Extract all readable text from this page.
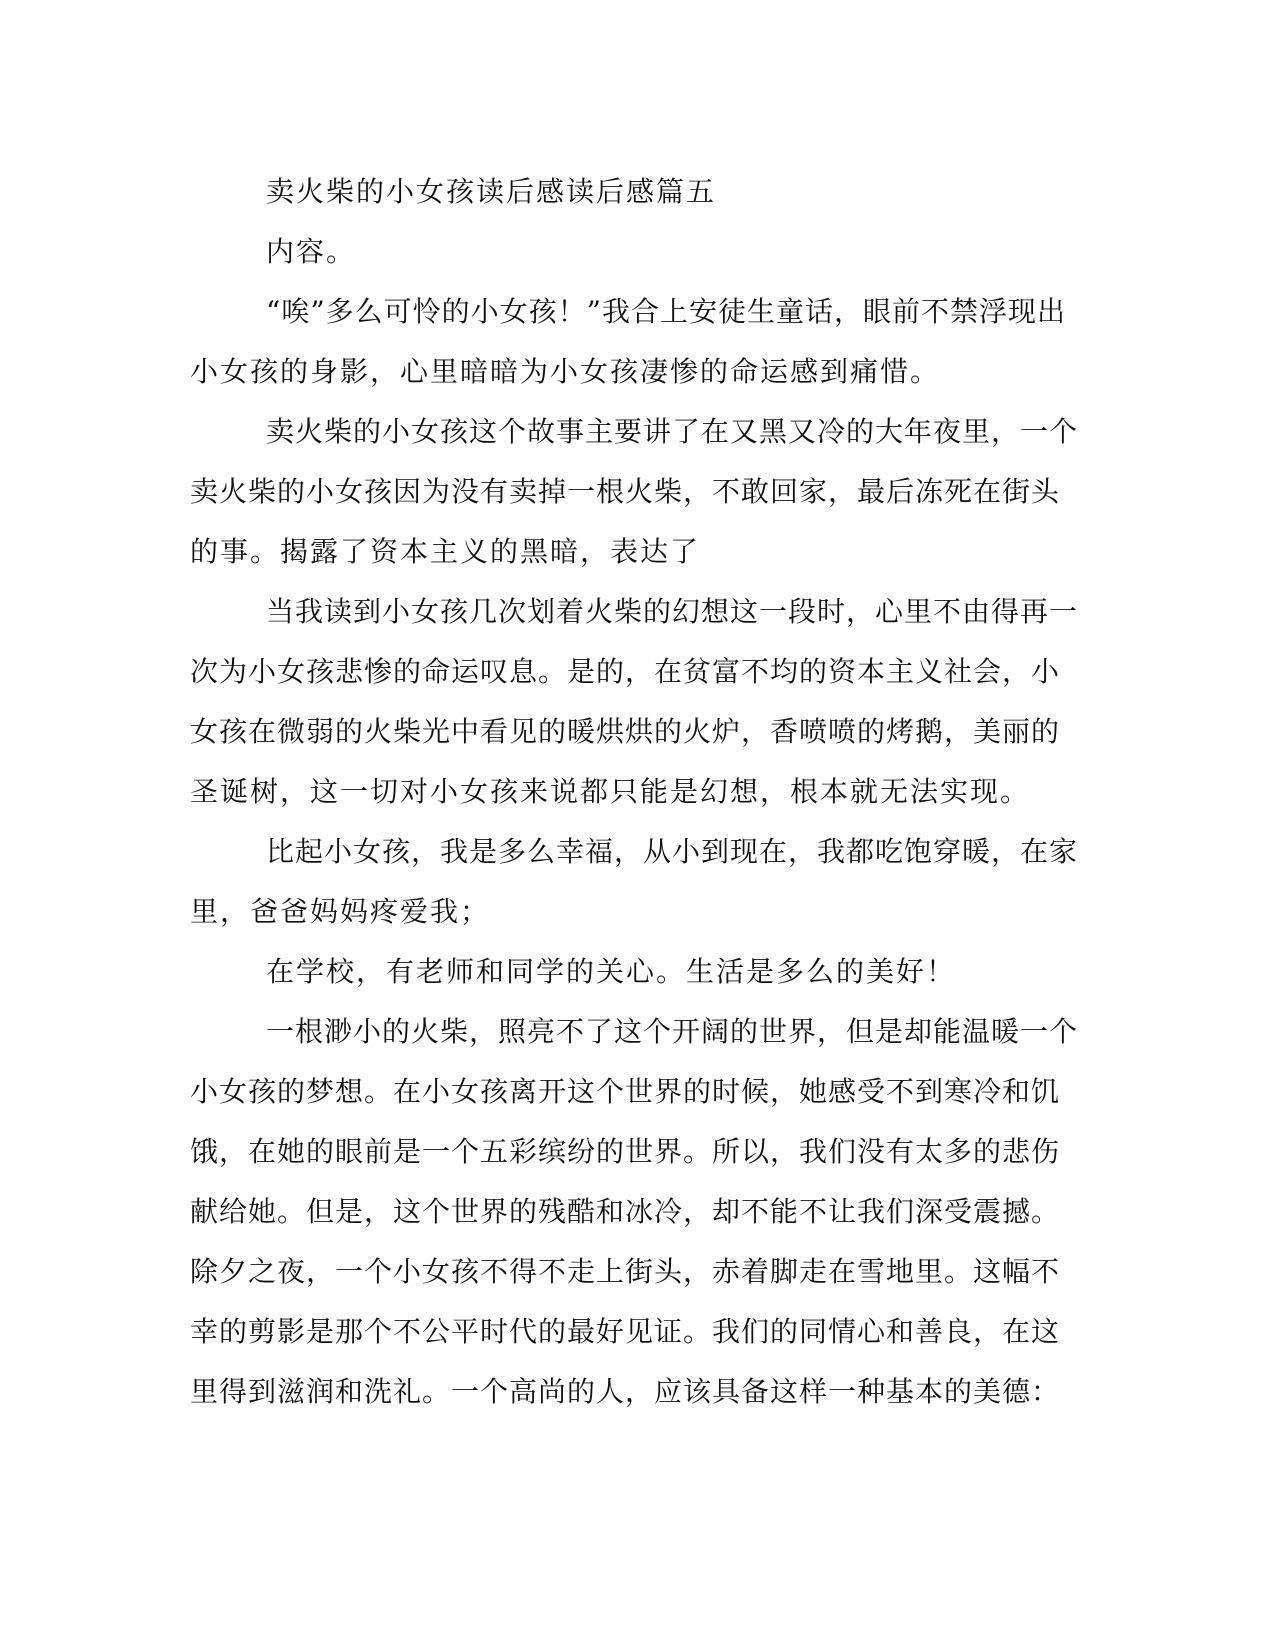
卖火柴的小女孩读后感读后感篇五
内容。
“唉”多么可怜的小女孩！”我合上安徒生童话，眼前不禁浮现出
小女孩的身影，心里暗暗为小女孩凄惨的命运感到痛惜。
卖火柴的小女孩这个故事主要讲了在又黑又冷的大年夜里，一个
卖火柴的小女孩因为没有卖掉一根火柴，不敢回家，最后冻死在街头
的事。揭露了资本主义的黑暗，表达了
当我读到小女孩几次划着火柴的幻想这一段时，心里不由得再一
次为小女孩悲惨的命运叹息。是的，在贫富不均的资本主义社会，小
女孩在微弱的火柴光中看见的暖烘烘的火炉，香喷喷的烤鹅，美丽的
圣诞树，这一切对小女孩来说都只能是幻想，根本就无法实现。
比起小女孩，我是多么幸福，从小到现在，我都吃饱穿暖，在家
里，爸爸妈妈疼爱我；
在学校，有老师和同学的关心。生活是多么的美好！
一根渺小的火柴，照亮不了这个开阔的世界，但是却能温暖一个
小女孩的梦想。在小女孩离开这个世界的时候，她感受不到寒冷和饥
饿，在她的眼前是一个五彩缤纷的世界。所以，我们没有太多的悲伤
献给她。但是，这个世界的残酷和冰冷，却不能不让我们深受震撼。
除夕之夜，一个小女孩不得不走上街头，赤着脚走在雪地里。这幅不
幸的剪影是那个不公平时代的最好见证。我们的同情心和善良，在这
里得到滋润和洗礼。一个高尚的人，应该具备这样一种基本的美德：
